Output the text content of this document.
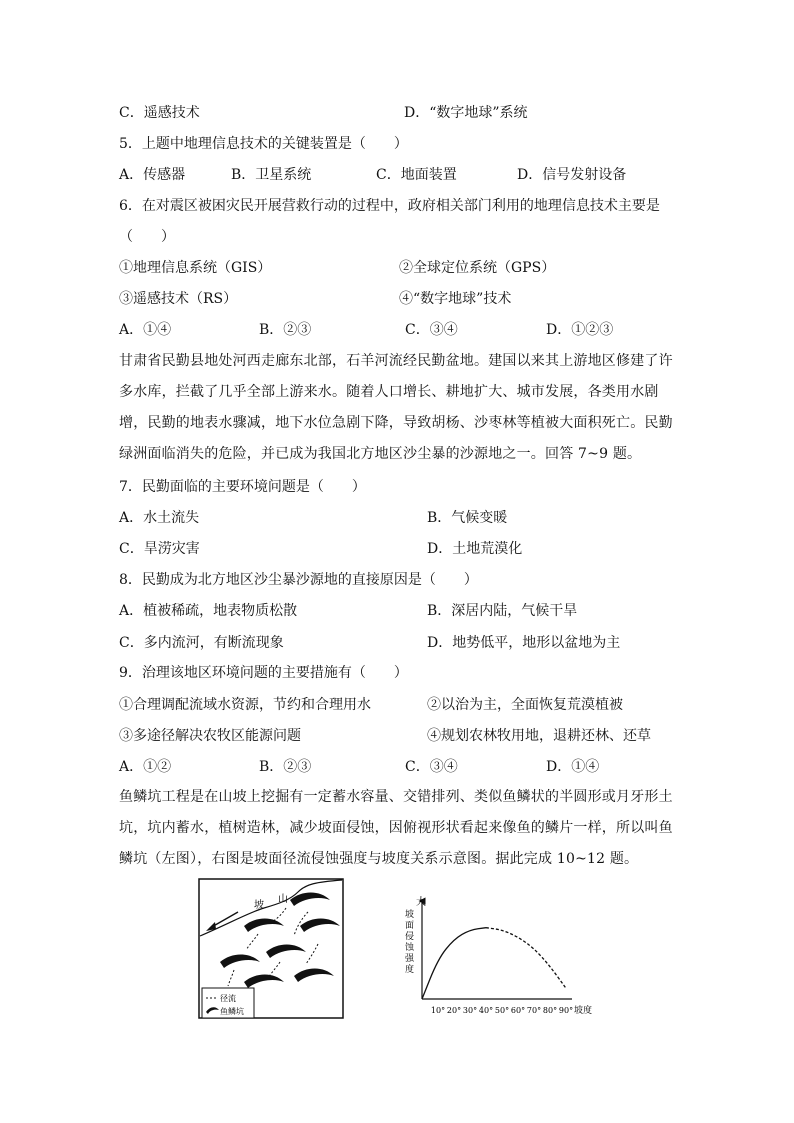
C．遥感技术	D．“数字地球”系统
5．上题中地理信息技术的关键装置是（　　）
A．传感器	B．卫星系统	C．地面装置	D．信号发射设备
6．在对震区被困灾民开展营救行动的过程中，政府相关部门利用的地理信息技术主要是
（　　）
①地理信息系统（GIS）	②全球定位系统（GPS）
③遥感技术（RS）	④“数字地球”技术
A．①④	B．②③	C．③④	D．①②③
甘肃省民勤县地处河西走廊东北部，石羊河流经民勤盆地。建国以来其上游地区修建了许多水库，拦截了几乎全部上游来水。随着人口增长、耕地扩大、城市发展，各类用水剧增，民勤的地表水骤减，地下水位急剧下降，导致胡杨、沙枣林等植被大面积死亡。民勤绿洲面临消失的危险，并已成为我国北方地区沙尘暴的沙源地之一。回答 7~9 题。
7．民勤面临的主要环境问题是（　　）
A．水土流失	B．气候变暖
C．旱涝灾害	D．土地荒漠化
8．民勤成为北方地区沙尘暴沙源地的直接原因是（　　）
A．植被稀疏，地表物质松散	B．深居内陆，气候干旱
C．多内流河，有断流现象	D．地势低平，地形以盆地为主
9．治理该地区环境问题的主要措施有（　　）
①合理调配流域水资源，节约和合理用水	②以治为主，全面恢复荒漠植被
③多途径解决农牧区能源问题	④规划农林牧用地，退耕还林、还草
A．①②	B．②③	C．③④	D．①④
鱼鳞坑工程是在山坡上挖掘有一定蓄水容量、交错排列、类似鱼鳞状的半圆形或月牙形土坑，坑内蓄水，植树造林，减少坡面侵蚀，因俯视形状看起来像鱼的鳞片一样，所以叫鱼鳞坑（左图），右图是坡面径流侵蚀强度与坡度关系示意图。据此完成 10~12 题。
坡
山
径流
鱼鳞坑
大
坡面侵蚀强度
坡度
10° 20° 30° 40° 50° 60° 70° 80° 90°
